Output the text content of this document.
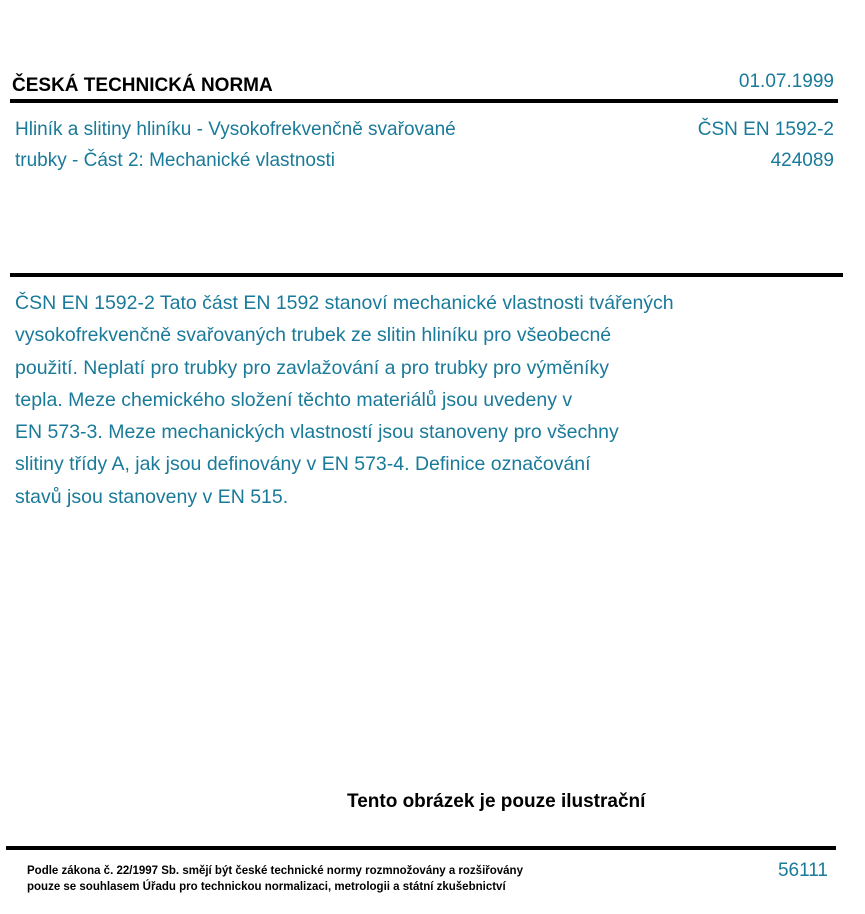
ČESKÁ TECHNICKÁ NORMA	01.07.1999
Hliník a slitiny hliníku - Vysokofrekvenčně svařované
trubky - Část 2: Mechanické vlastnosti
ČSN EN 1592-2
424089
ČSN EN 1592-2 Tato část EN 1592 stanoví mechanické vlastnosti tvářených
vysokofrekvenčně svařovaných trubek ze slitin hliníku pro všeobecné
použití. Neplatí pro trubky pro zavlažování a pro trubky pro výměníky
tepla. Meze chemického složení těchto materiálů jsou uvedeny v
EN 573-3. Meze mechanických vlastností jsou stanoveny pro všechny
slitiny třídy A, jak jsou definovány v EN 573-4. Definice označování
stavů jsou stanoveny v EN 515.
Tento obrázek je pouze ilustrační
Podle zákona č. 22/1997 Sb. smějí být české technické normy rozmnožovány a rozšiřovány
pouze se souhlasem Úřadu pro technickou normalizaci, metrologii a státní zkušebnictví
56111
